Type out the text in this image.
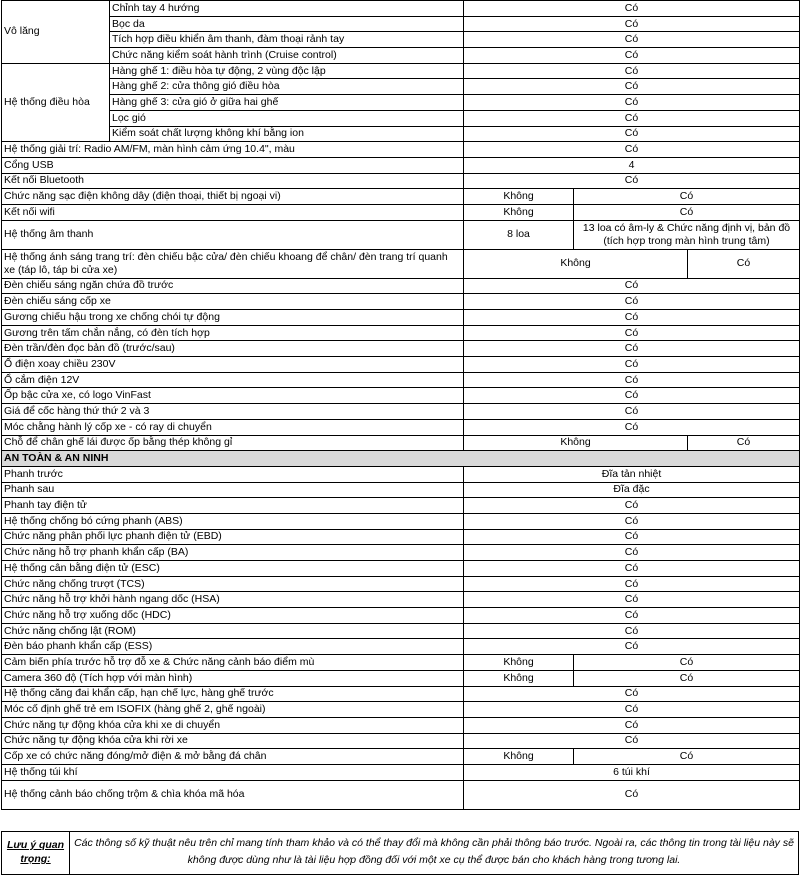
Vô lăng	Chỉnh tay 4 hướng	Có		
	Bọc da	Có		
	Tích hợp điều khiển âm thanh, đàm thoại rảnh tay	Có		
	Chức năng kiểm soát hành trình (Cruise control)	Có		
Hệ thống điều hòa	Hàng ghế 1: điều hòa tự động, 2 vùng độc lập	Có		
	Hàng ghế 2: cửa thông gió điều hòa	Có		
	Hàng ghế 3: cửa gió ở giữa hai ghế	Có		
	Lọc gió	Có		
	Kiểm soát chất lượng không khí bằng ion	Có		
Hệ thống giải trí: Radio AM/FM, màn hình cảm ứng 10.4", màu		Có		
Cổng USB		4		
Kết nối Bluetooth		Có		
Chức năng sạc điện không dây (điện thoại, thiết bị ngoại vi)		Không	Có	
Kết nối wifi		Không	Có	
Hệ thống âm thanh		8 loa	13 loa có âm-ly & Chức năng định vị, bản đồ (tích hợp trong màn hình trung tâm)	
Hệ thống ánh sáng trang trí: đèn chiếu bậc cửa/ đèn chiếu khoang để chân/ đèn trang trí quanh xe (táp lô, táp bi cửa xe)		Không		Có
Đèn chiếu sáng ngăn chứa đồ trước		Có		
Đèn chiếu sáng cốp xe		Có		
Gương chiếu hậu trong xe chống chói tự động		Có		
Gương trên tấm chắn nắng, có đèn tích hợp		Có		
Đèn trần/đèn đọc bản đồ (trước/sau)		Có		
Ổ điện xoay chiều 230V		Có		
Ổ cắm điện 12V		Có		
Ốp bậc cửa xe, có logo VinFast		Có		
Giá để cốc hàng thứ thứ 2 và 3		Có		
Móc chằng hành lý cốp xe - có ray di chuyển		Có		
Chỗ để chân ghế lái được ốp bằng thép không gỉ		Không		Có
AN TOÀN & AN NINH				
Phanh trước		Đĩa tản nhiệt		
Phanh sau		Đĩa đặc		
Phanh tay điện tử		Có		
Hệ thống chống bó cứng phanh (ABS)		Có		
Chức năng phân phối lực phanh điện tử (EBD)		Có		
Chức năng hỗ trợ phanh khẩn cấp (BA)		Có		
Hệ thống cân bằng điện tử (ESC)		Có		
Chức năng chống trượt (TCS)		Có		
Chức năng hỗ trợ khởi hành ngang dốc (HSA)		Có		
Chức năng hỗ trợ xuống dốc (HDC)		Có		
Chức năng chống lật (ROM)		Có		
Đèn báo phanh khẩn cấp (ESS)		Có		
Cảm biến phía trước hỗ trợ đỗ xe & Chức năng cảnh báo điểm mù		Không	Có	
Camera 360 độ (Tích hợp với màn hình)		Không	Có	
Hệ thống căng đai khẩn cấp, hạn chế lực, hàng ghế trước		Có		
Móc cố định ghế trẻ em ISOFIX (hàng ghế 2, ghế ngoài)		Có		
Chức năng tự động khóa cửa khi xe di chuyển		Có		
Chức năng tự động khóa cửa khi rời xe		Có		
Cốp xe có chức năng đóng/mở điện & mở bằng đá chân		Không	Có	
Hệ thống túi khí		6 túi khí		
Hệ thống cảnh báo chống trộm & chìa khóa mã hóa		Có		
Lưu ý quan trọng:
Các thông số kỹ thuật nêu trên chỉ mang tính tham khảo và có thể thay đổi mà không cần phải thông báo trước. Ngoài ra, các thông tin trong tài liệu này sẽ không được dùng như là tài liệu hợp đồng đối với một xe cụ thể được bán cho khách hàng trong tương lai.
